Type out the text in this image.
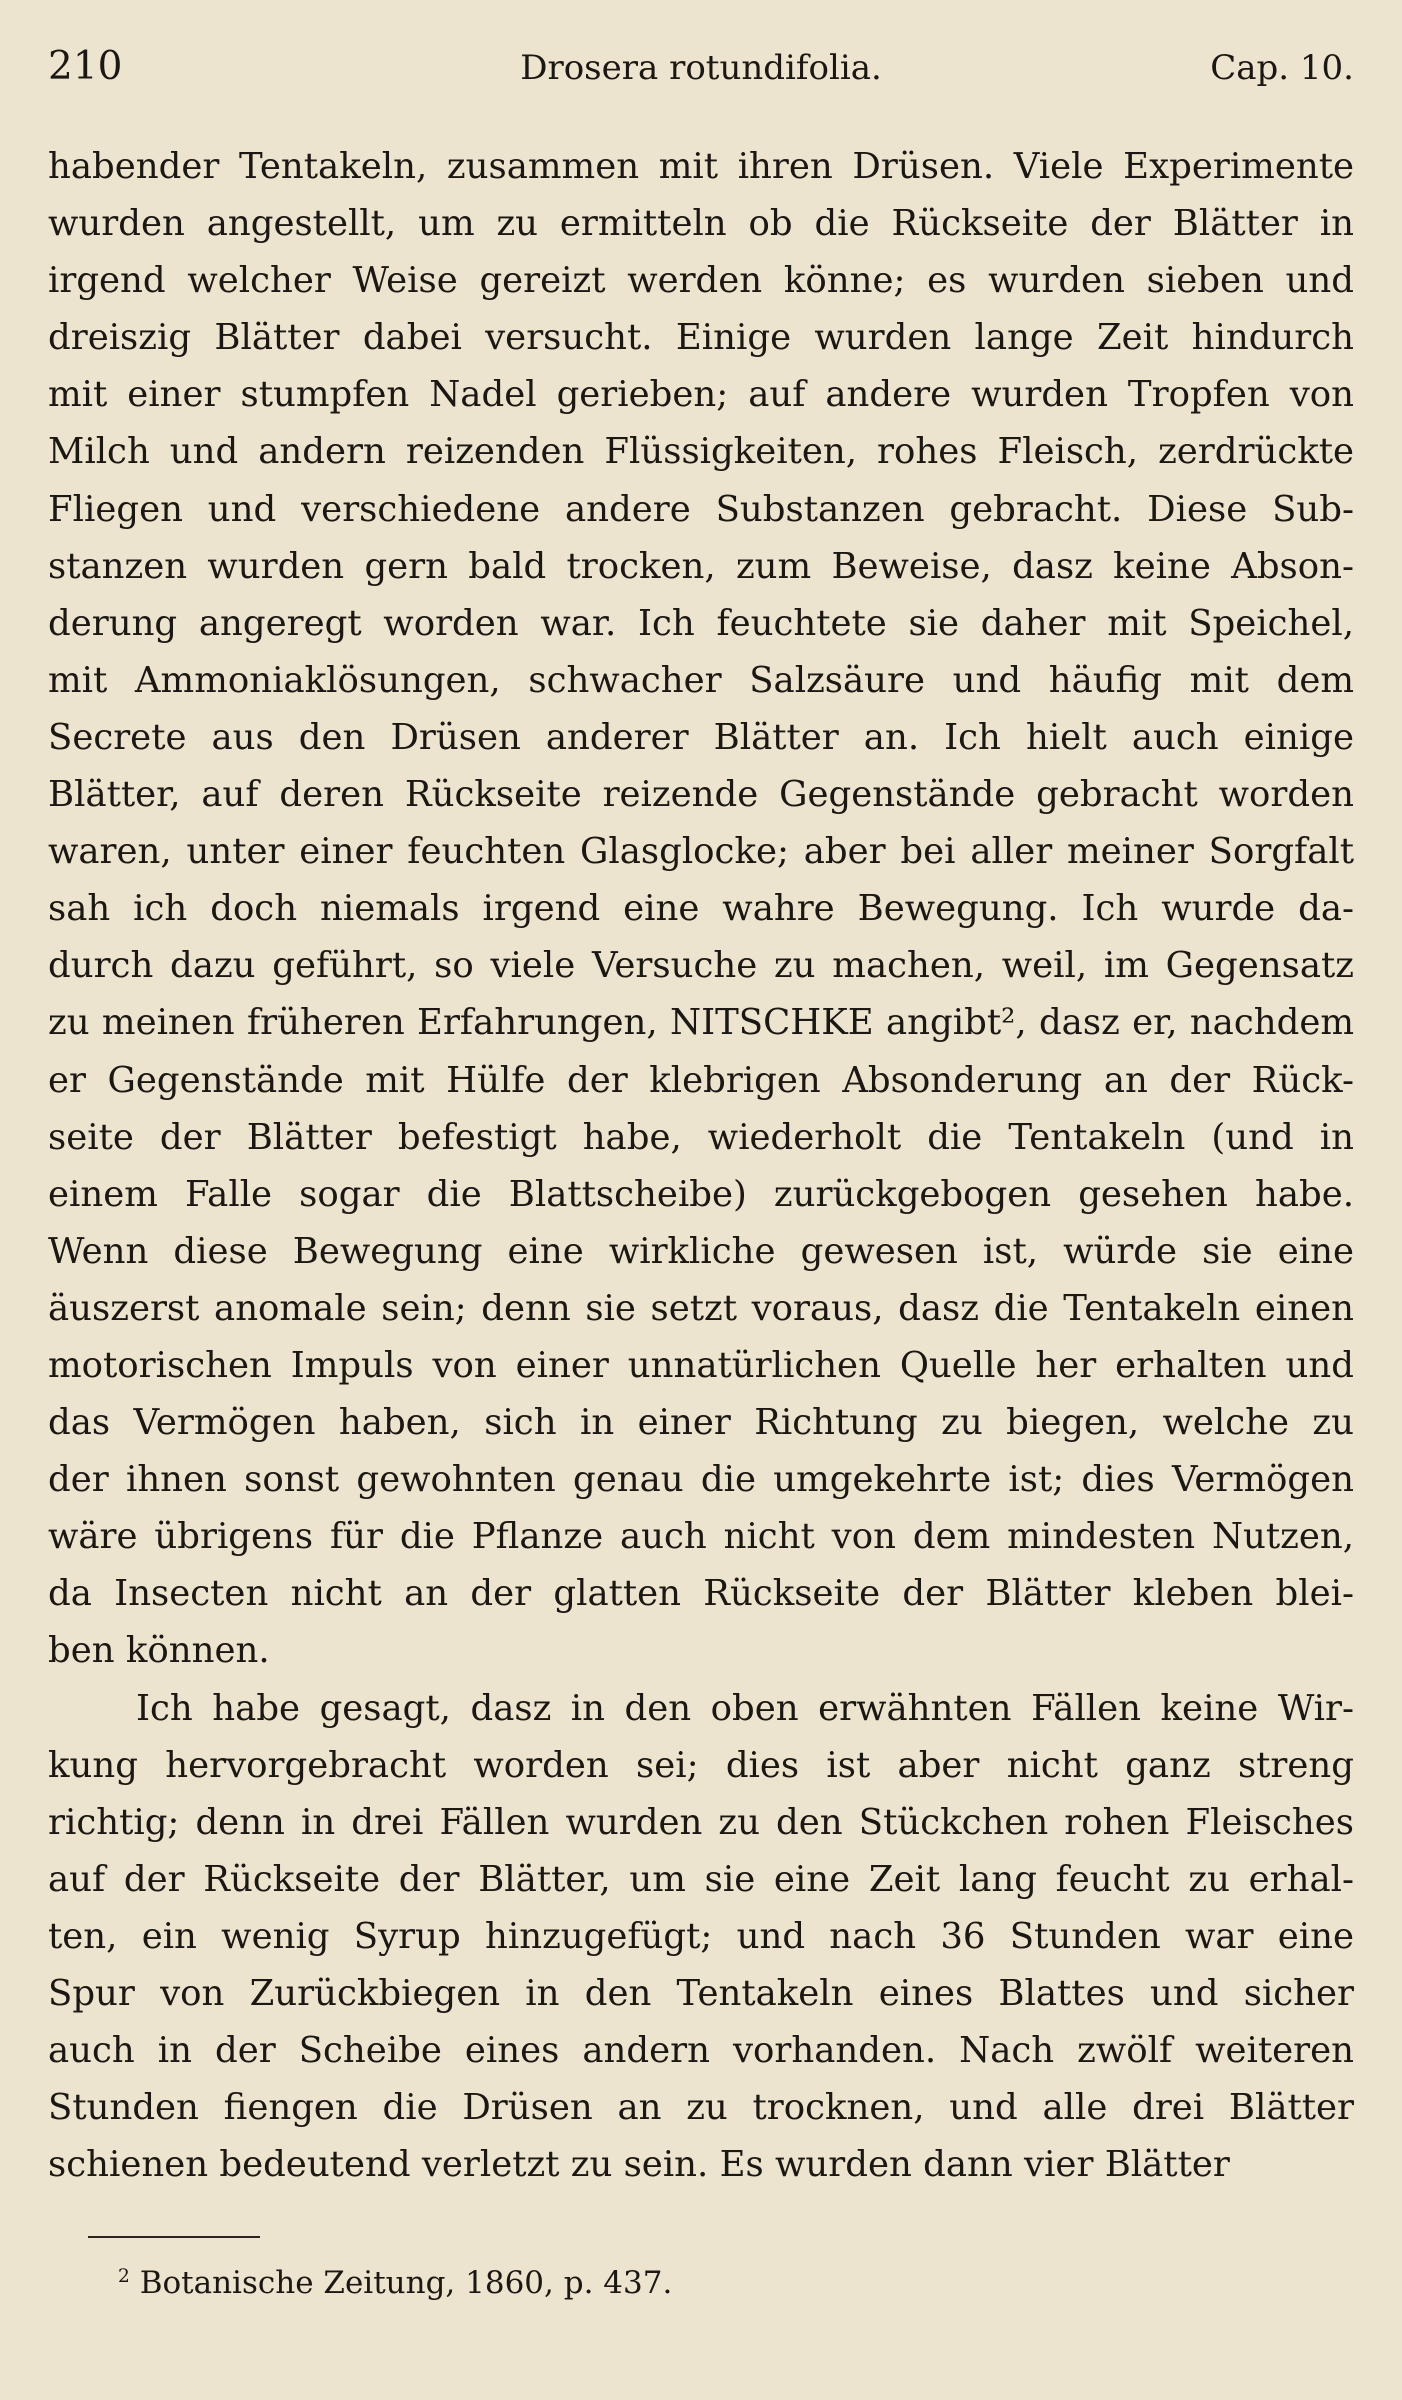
210	Drosera rotundifolia.	Cap. 10.
habender Tentakeln, zusammen mit ihren Drüsen. Viele Experimente
wurden angestellt, um zu ermitteln ob die Rückseite der Blätter in
irgend welcher Weise gereizt werden könne; es wurden sieben und
dreiszig Blätter dabei versucht. Einige wurden lange Zeit hindurch
mit einer stumpfen Nadel gerieben; auf andere wurden Tropfen von
Milch und andern reizenden Flüssigkeiten, rohes Fleisch, zerdrückte
Fliegen und verschiedene andere Substanzen gebracht. Diese Sub-
stanzen wurden gern bald trocken, zum Beweise, dasz keine Abson-
derung angeregt worden war. Ich feuchtete sie daher mit Speichel,
mit Ammoniaklösungen, schwacher Salzsäure und häufig mit dem
Secrete aus den Drüsen anderer Blätter an. Ich hielt auch einige
Blätter, auf deren Rückseite reizende Gegenstände gebracht worden
waren, unter einer feuchten Glasglocke; aber bei aller meiner Sorgfalt
sah ich doch niemals irgend eine wahre Bewegung. Ich wurde da-
durch dazu geführt, so viele Versuche zu machen, weil, im Gegensatz
zu meinen früheren Erfahrungen, NITSCHKE angibt², dasz er, nachdem
er Gegenstände mit Hülfe der klebrigen Absonderung an der Rück-
seite der Blätter befestigt habe, wiederholt die Tentakeln (und in
einem Falle sogar die Blattscheibe) zurückgebogen gesehen habe.
Wenn diese Bewegung eine wirkliche gewesen ist, würde sie eine
äuszerst anomale sein; denn sie setzt voraus, dasz die Tentakeln einen
motorischen Impuls von einer unnatürlichen Quelle her erhalten und
das Vermögen haben, sich in einer Richtung zu biegen, welche zu
der ihnen sonst gewohnten genau die umgekehrte ist; dies Vermögen
wäre übrigens für die Pflanze auch nicht von dem mindesten Nutzen,
da Insecten nicht an der glatten Rückseite der Blätter kleben blei-
ben können.
Ich habe gesagt, dasz in den oben erwähnten Fällen keine Wir-
kung hervorgebracht worden sei; dies ist aber nicht ganz streng
richtig; denn in drei Fällen wurden zu den Stückchen rohen Fleisches
auf der Rückseite der Blätter, um sie eine Zeit lang feucht zu erhal-
ten, ein wenig Syrup hinzugefügt; und nach 36 Stunden war eine
Spur von Zurückbiegen in den Tentakeln eines Blattes und sicher
auch in der Scheibe eines andern vorhanden. Nach zwölf weiteren
Stunden fiengen die Drüsen an zu trocknen, und alle drei Blätter
schienen bedeutend verletzt zu sein. Es wurden dann vier Blätter
$^2$ Botanische Zeitung, 1860, p. 437.
